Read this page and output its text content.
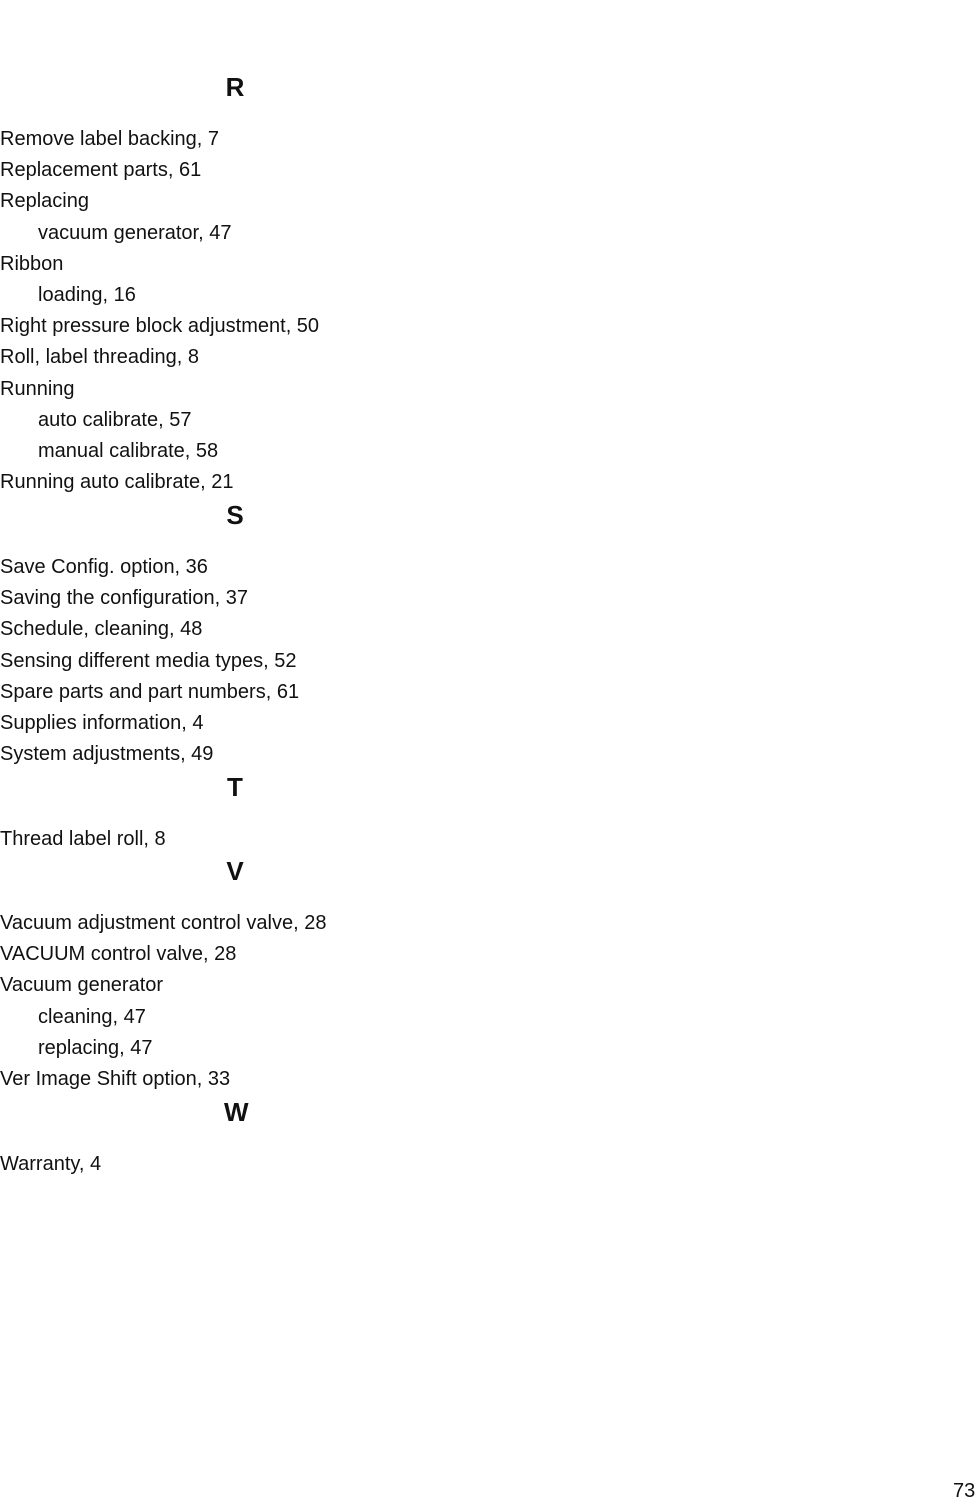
R
Remove label backing, 7
Replacement parts, 61
Replacing
vacuum generator, 47
Ribbon
loading, 16
Right pressure block adjustment, 50
Roll, label threading, 8
Running
auto calibrate, 57
manual calibrate, 58
Running auto calibrate, 21
S
Save Config. option, 36
Saving the configuration, 37
Schedule, cleaning, 48
Sensing different media types, 52
Spare parts and part numbers, 61
Supplies information, 4
System adjustments, 49
T
Thread label roll, 8
V
Vacuum adjustment control valve, 28
VACUUM control valve, 28
Vacuum generator
cleaning, 47
replacing, 47
Ver Image Shift option, 33
W
Warranty, 4
73
